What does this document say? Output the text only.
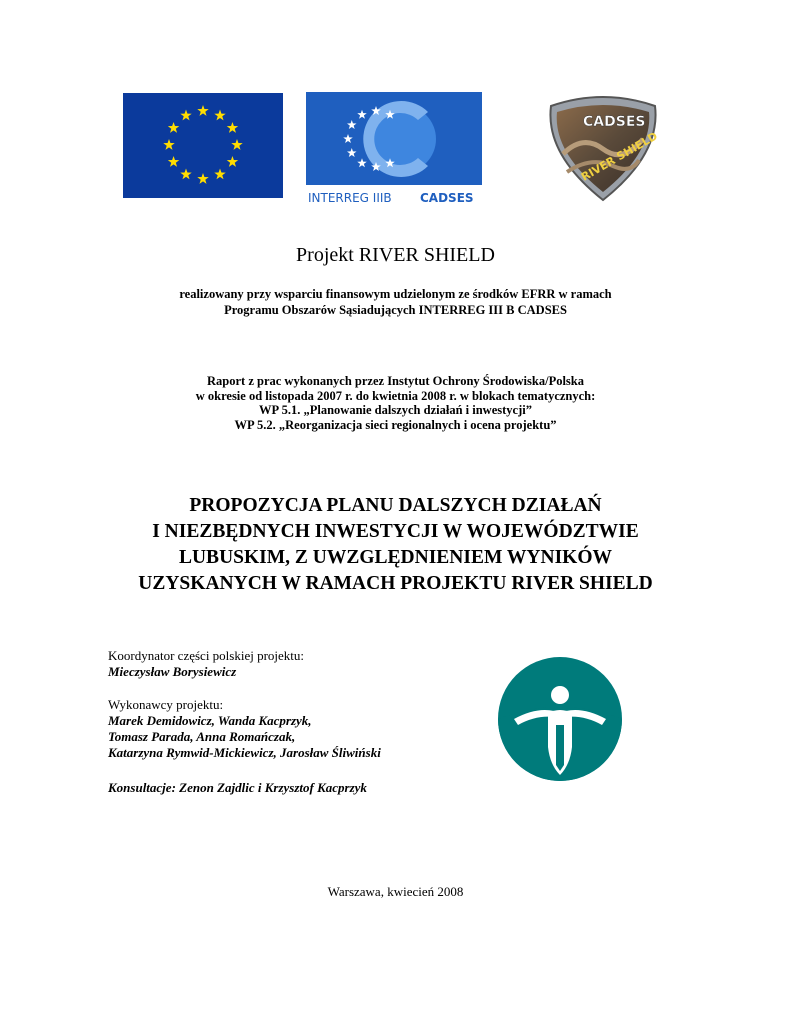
INTERREG IIIB CADSES
CADSES
RIVER SHIELD
Projekt RIVER SHIELD
realizowany przy wsparciu finansowym udzielonym ze środków EFRR w ramach
Programu Obszarów Sąsiadujących INTERREG III B CADSES
Raport z prac wykonanych przez Instytut Ochrony Środowiska/Polska
w okresie od listopada 2007 r. do kwietnia 2008 r. w blokach tematycznych:
WP 5.1. „Planowanie dalszych działań i inwestycji”
WP 5.2. „Reorganizacja sieci regionalnych i ocena projektu”
PROPOZYCJA PLANU DALSZYCH DZIAŁAŃ
I NIEZBĘDNYCH INWESTYCJI W WOJEWÓDZTWIE
LUBUSKIM, Z UWZGLĘDNIENIEM WYNIKÓW
UZYSKANYCH W RAMACH PROJEKTU RIVER SHIELD
Koordynator części polskiej projektu:
Mieczysław Borysiewicz
Wykonawcy projektu:
Marek Demidowicz, Wanda Kacprzyk,
Tomasz Parada, Anna Romańczak,
Katarzyna Rymwid-Mickiewicz, Jarosław Śliwiński
Konsultacje: Zenon Zajdlic i Krzysztof Kacprzyk
Warszawa, kwiecień 2008
